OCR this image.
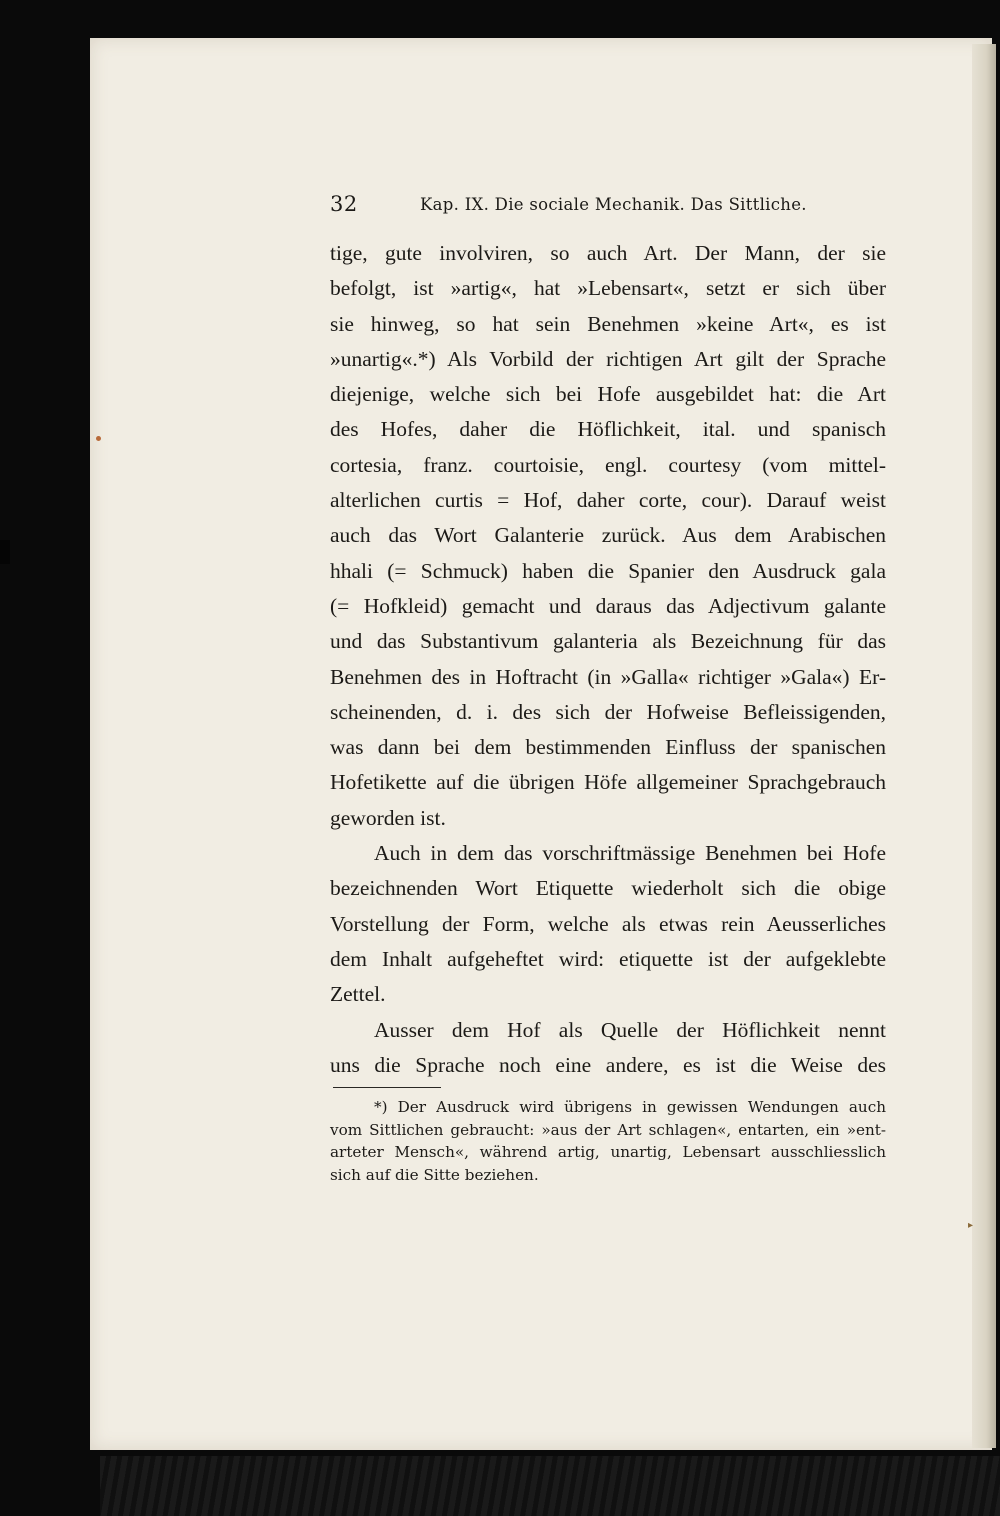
32	Kap. IX. Die sociale Mechanik. Das Sittliche.
tige, gute involviren, so auch Art. Der Mann, der sie
befolgt, ist »artig«, hat »Lebensart«, setzt er sich über
sie hinweg, so hat sein Benehmen »keine Art«, es ist
»unartig«.*) Als Vorbild der richtigen Art gilt der Sprache
diejenige, welche sich bei Hofe ausgebildet hat: die Art
des Hofes, daher die Höflichkeit, ital. und spanisch
cortesia, franz. courtoisie, engl. courtesy (vom mittel-
alterlichen curtis = Hof, daher corte, cour). Darauf weist
auch das Wort Galanterie zurück. Aus dem Arabischen
hhali (= Schmuck) haben die Spanier den Ausdruck gala
(= Hofkleid) gemacht und daraus das Adjectivum galante
und das Substantivum galanteria als Bezeichnung für das
Benehmen des in Hoftracht (in »Galla« richtiger »Gala«) Er-
scheinenden, d. i. des sich der Hofweise Befleissigenden,
was dann bei dem bestimmenden Einfluss der spanischen
Hofetikette auf die übrigen Höfe allgemeiner Sprachgebrauch
geworden ist.
Auch in dem das vorschriftmässige Benehmen bei Hofe
bezeichnenden Wort Etiquette wiederholt sich die obige
Vorstellung der Form, welche als etwas rein Aeusserliches
dem Inhalt aufgeheftet wird: etiquette ist der aufgeklebte
Zettel.
Ausser dem Hof als Quelle der Höflichkeit nennt
uns die Sprache noch eine andere, es ist die Weise des
*) Der Ausdruck wird übrigens in gewissen Wendungen auch
vom Sittlichen gebraucht: »aus der Art schlagen«, entarten, ein »ent-
arteter Mensch«, während artig, unartig, Lebensart ausschliesslich
sich auf die Sitte beziehen.
▸
